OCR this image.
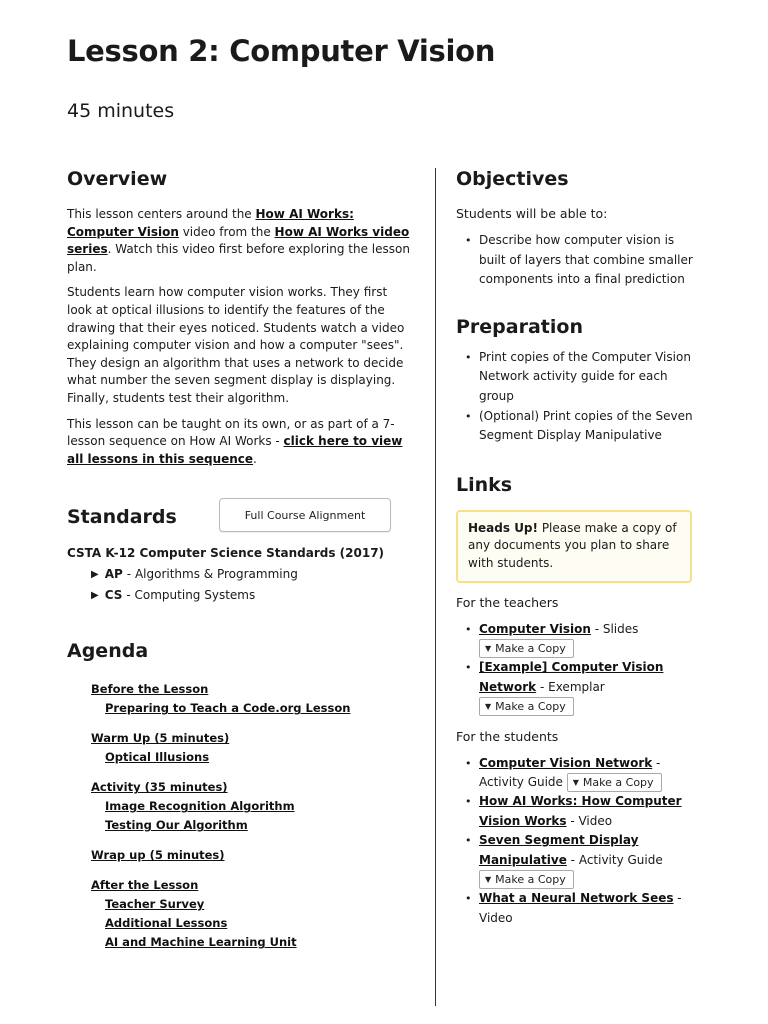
Lesson 2: Computer Vision
45 minutes
Overview

This lesson centers around the How AI Works: Computer Vision video from the How AI Works video series. Watch this video first before exploring the lesson plan.

Students learn how computer vision works. They first look at optical illusions to identify the features of the drawing that their eyes noticed. Students watch a video explaining computer vision and how a computer "sees". They design an algorithm that uses a network to decide what number the seven segment display is displaying. Finally, students test their algorithm.

This lesson can be taught on its own, or as part of a 7-lesson sequence on How AI Works - click here to view all lessons in this sequence.

Standards	Full Course Alignment
CSTA K-12 Computer Science Standards (2017)
▶ AP - Algorithms & Programming
▶ CS - Computing Systems
Agenda
Before the Lesson
Preparing to Teach a Code.org Lesson
Warm Up (5 minutes)
Optical Illusions
Activity (35 minutes)
Image Recognition Algorithm
Testing Our Algorithm
Wrap up (5 minutes)
After the Lesson
Teacher Survey
Additional Lessons
AI and Machine Learning Unit
Objectives
Students will be able to:
• Describe how computer vision is built of layers that combine smaller components into a final prediction
Preparation
• Print copies of the Computer Vision Network activity guide for each group
• (Optional) Print copies of the Seven Segment Display Manipulative
Links
Heads Up! Please make a copy of any documents you plan to share with students.
For the teachers
• Computer Vision - Slides

▼ Make a Copy
• [Example] Computer Vision Network - Exemplar

▼ Make a Copy
For the students
• Computer Vision Network - Activity Guide ▼ Make a Copy
• How AI Works: How Computer Vision Works - Video
• Seven Segment Display Manipulative - Activity Guide

▼ Make a Copy
• What a Neural Network Sees - Video
